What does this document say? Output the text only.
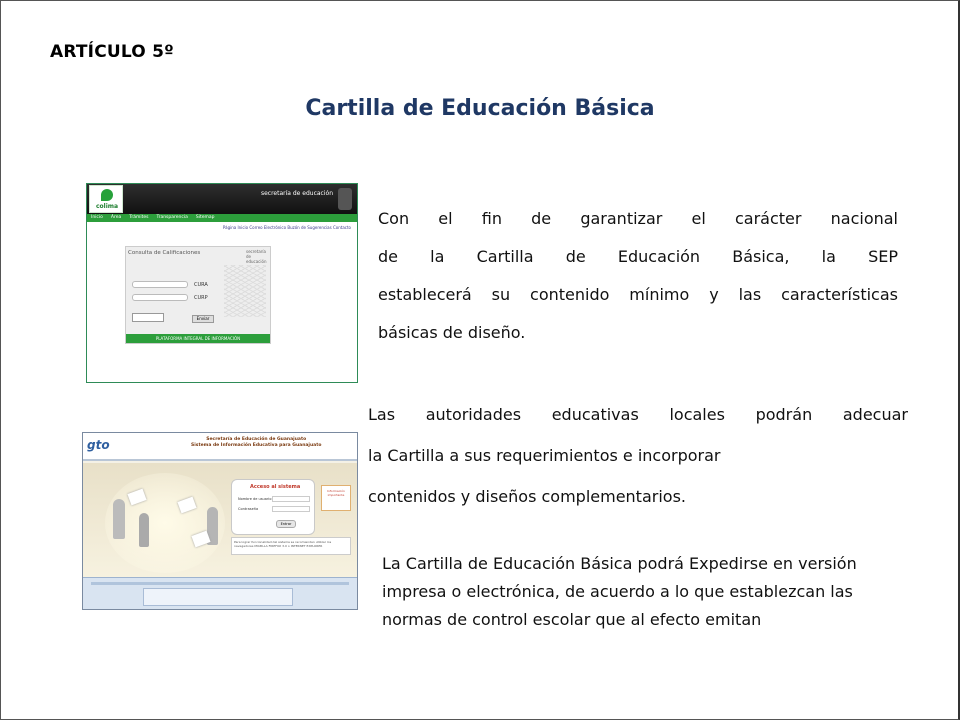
ARTÍCULO 5º
Cartilla de Educación Básica
colima
secretaría de educación
Inicio Área Trámites Transparencia Sitemap
Página Inicio Correo Electrónico Buzón de Sugerencias Contacto
Consulta de Calificaciones	secretaría de educación
CURA
CURP
Enviar
PLATAFORMA INTEGRAL DE INFORMACIÓN
Con el fin de garantizar el carácter nacional
de la Cartilla de Educación Básica, la SEP
establecerá su contenido mínimo y las características
básicas de diseño.
gto	Secretaría de Educación de Guanajuato
Sistema de Información Educativa para Guanajuato
Acceso al sistema
Nombre de usuario
Contraseña
Entrar
Información importante
Para lograr funcionalidad del sistema se recomiendan utilizar los navegadores MOZILLA FIREFOX 3.0 o INTERNET EXPLORER
Las autoridades educativas locales podrán adecuar
la Cartilla a sus requerimientos e incorporar
contenidos y diseños complementarios.
La Cartilla de Educación Básica podrá Expedirse en versión impresa o electrónica, de acuerdo a lo que establezcan las normas de control escolar que al efecto emitan
